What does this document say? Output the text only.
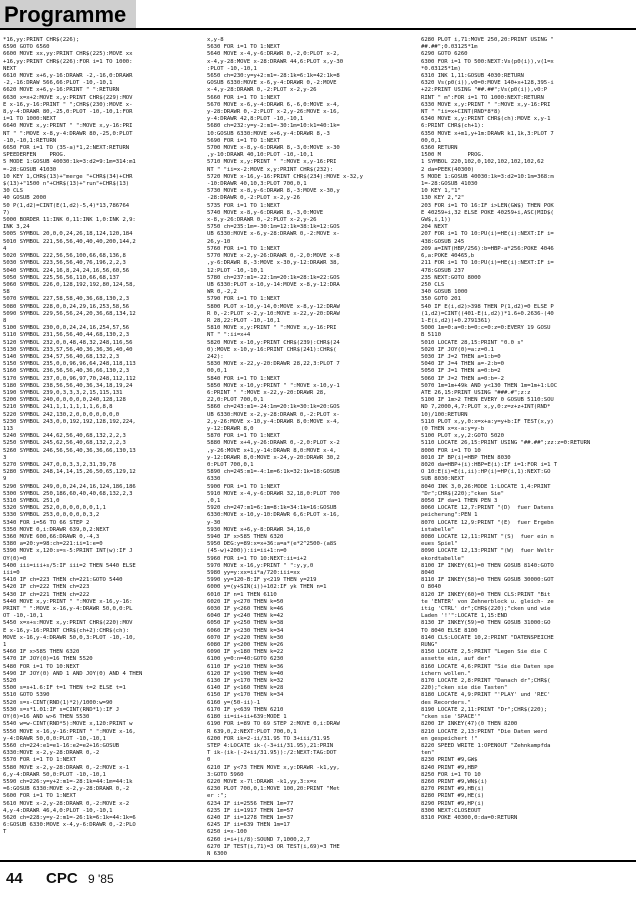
Programme
*16,yy:PRINT CHR$(226);
6590 GOTO 6560
6600 MOVE xx,yy:PRINT CHR$(225):MOVE xx
+16,yy:PRINT CHR$(226):FOR i=1 TO 1000:
NEXT
6610 MOVE x+6,y-16:DRAWR -2,-16,0:DRAWR
-2,-16:DRAW 566,66:PLOT -10,-10,1
6620 MOVE x+6,y-16:PRINT " ":RETURN
6630 x=x+2:MOVE x,y:PRINT CHR$(229):MOV
E x-16,y-16:PRINT " ";CHR$(230):MOVE x-
8,y-4:DRAWR 80,-25,0:PLOT -10,-10,1:FOR
i=1 TO 1000:NEXT
6640 MOVE x,y:PRINT " ":MOVE x,y-16:PRI
NT " ":MOVE x-8,y-4:DRAWR 80,-25,0:PLOT
-10,-10,1:RETURN
6650 FOR i=1 TO (35-a)*1,2:NEXT:RETURN
SPEEDERFEN    PROG.
5 MODE 1:GOSUB 40030:1k=3:d2=9:1m=314:m1
=-28:GOSUB 41030
10 KEY 1,CHR$(13)+"merge "+CHR$(34)+CHR
$(13)+"1500 n"+CHR$(13)+"run"+CHR$(13)
30 CLS
40 GOSUB 2000
50 P(1,d2)=CINT(E(1,d2)-5,4)*13,786764
7)
5000 BORDER 11:INK 0,11:INK 1,0:INK 2,9:
INK 3,24
5005 SYMBOL 20,0,0,24,26,18,124,120,184
5010 SYMBOL 221,56,56,40,40,40,200,144,2
4
5020 SYMBOL 222,56,56,100,66,68,136,8
5030 SYMBOL 223,56,56,40,76,196,2,2,3
5040 SYMBOL 224,16,8,24,24,16,56,60,56
5050 SYMBOL 225,56,56,110,66,68,137
5060 SYMBOL 226,0,128,192,192,80,124,58,
58
5070 SYMBOL 227,58,58,40,36,68,130,2,3
5080 SYMBOL 228,0,0,24,29,16,253,58,56
5090 SYMBOL 229,56,56,24,20,36,68,134,12
8
5100 SYMBOL 230,0,0,24,24,16,254,57,56
5110 SYMBOL 231,56,56,40,44,68,130,2,3
5120 SYMBOL 232,0,0,48,48,32,248,116,56
5130 SYMBOL 233,57,56,40,36,36,36,40,40
5140 SYMBOL 234,57,56,40,68,132,2,3
5150 SYMBOL 235,0,0,96,96,64,248,118,113
5160 SYMBOL 236,56,56,40,36,66,130,2,3
5170 SYMBOL 237,0,0,96,97,70,248,112,112
5180 SYMBOL 238,56,56,40,36,34,18,19,24
5190 SYMBOL 239,0,3,3,3,2,15,115,131
5200 SYMBOL 240,0,0,0,0,0,240,128,128
5210 SYMBOL 241,1,1,1,1,1,1,6,8,8
5220 SYMBOL 242,130,2,0,0,0,0,0,0,0
5230 SYMBOL 243,0,0,192,192,128,192,224,
113
5240 SYMBOL 244,62,56,40,68,132,2,2,3
5250 SYMBOL 245,62,56,40,68,132,2,2,3
5260 SYMBOL 246,56,56,40,36,36,66,130,13
3
5270 SYMBOL 247,0,0,3,3,2,31,39,78
5280 SYMBOL 248,14,14,15,26,50,65,129,12
9
5290 SYMBOL 249,0,0,24,24,16,124,186,186
5300 SYMBOL 250,186,60,40,40,68,132,2,3
5310 SYMBOL 251,0
5320 SYMBOL 252,0,0,0,0,0,0,1,1
5330 SYMBOL 253,0,0,0,0,0,3,2
5340 FOR i=56 TO 66 STEP 2
5350 MOVE 0,i:DRAWR 639,0,2:NEXT
5360 MOVE 600,66:DRAWR 0,-4,3
5380 a=20:y=98:ch=221:ii=1:e=0
5390 MOVE x,120:s=s-5:PRINT INT(w):IF J
OY(0)=0
5400 iii=iii+s/5:IF iii=2 THEN 5440 ELSE
iii=0
5410 IF ch=223 THEN ch=221:GOTO 5440
5420 IF ch=222 THEN ch=223
5430 IF ch=221 THEN ch=222
5440 MOVE x,y:PRINT " ":MOVE x-16,y-16:
PRINT " ":MOVE x-16,y-4:DRAWR 50,0,0:PL
OT -10,-10,1
5450 x=x+s:MOVE x,y:PRINT CHR$(220):MOV
E x-16,y-16:PRINT CHR$(ch+2):CHR$(ch):
MOVE x-16,y-4:DRAWR 50,0,3:PLOT -10,-10,
1
5460 IF x>585 THEN 6320
5470 IF JOY(0)=16 THEN 5520
5480 FOR i=1 TO 10:NEXT
5490 IF JOY(0) AND 1 AND JOY(0) AND 4 THEN
5520
5500 s=s+1.6:IF t=1 THEN t=2 ELSE t=1
5510 GOTO 5390
5520 s=s-CINT(RND(1)*2)/1000:w=90
5530 s=s*1.01:IF s=CINT(RND*1):IF J
OY(0)=16 AND w>6 THEN 5530
5540 w=w-CINT(RND*5):MOVE x,120:PRINT w
5550 MOVE x-16,y-16:PRINT " ":MOVE x-16,
y-4:DRAWR 50,0,0:PLOT -10,-10,1
5560 ch=224:e1=e1-16:e2=e2+16:GOSUB
6330:MOVE x-2,y-28:DRAWR 0,-2
5570 FOR i=1 TO 1:NEXT
5580 MOVE x-2,y-28:DRAWR 0,-2:MOVE x-1
6,y-4:DRAWR 50,0:PLOT -10,-10,1
5590 ch=226:y=y+2:m1=-28:1k=44:1m=44:1k
=6:GOSUB 6330:MOVE x-2,y-28:DRAWR 0,-2
5600 FOR i=1 TO 1:NEXT
5610 MOVE x-2,y-28:DRAWR 0,-2:MOVE x-2
4,y-4:DRAWR 46,4,0:PLOT -10,-10,1
5620 ch=228:y=y-2:m1=-26:1k=6:1k=44:1k=6
6:GOSUB 6330:MOVE x-4,y-6:DRAWR 0,-2:PLO
T
x,y-8
5630 FOR i=1 TO 1:NEXT
5640 MOVE x-4,y-6:DRAWR 0,-2,0:PLOT x-2,
x-4,y-28:MOVE x-28:DRAWR 44,6:PLOT x,y-30
:PLOT -10,-10,1
5650 ch=230:y=y+2:m1=-28:1k=6:1k=42:1k=8
GOSUB 6330:MOVE x-6,y-4:DRAWR 0,-2:MOVE
x-4,y-28:DRAWR 0,-2:PLOT x-2,y-26
5660 FOR i=1 TO 1:NEXT
5670 MOVE x-6,y-4:DRAWR 6,-6,0:MOVE x-4,
y-28:DRAWR 0,-2:PLOT x-2,y-26:MOVE x-16,
y-4:DRAWR 42,8:PLOT -10,-10,1
5680 ch=232:y=y-2:m1=-30:1m=10:k1=40:1k=
10:GOSUB 6330:MOVE x+6,y-4:DRAWR 8,-3
5690 FOR i=1 TO 1:NEXT
5700 MOVE x-8,y-6:DRAWR 8,-3,0:MOVE x-30
,y-10:DRAWR 40,10:PLOT -10,-10,1
5710 MOVE x,y:PRINT " ":MOVE x,y-16:PRI
NT " "ii=x-2:MOVE x,y:PRINT CHR$(232):
5720 MOVE x-16,y-16:PRINT CHR$(234):MOVE x-32,y
-10:DRAWR 40,10,3:PLOT 700,0,1
5730 MOVE x-8,y-6:DRAWR 8,-3:MOVE x-30,y
-28:DRAWR 0,-2:PLOT x-2,y-26
5735 FOR i=1 TO 1:NEXT
5740 MOVE x-8,y-6:DRAWR 8,-3,0:MOVE
x-8,y-26:DRAWR 0,-2:PLOT x-2,y-26
5750 ch=235:1m=-30:1m=12:1k=38:1k=12:GOS
UB 6330:MOVE x-6,y-28:DRAWR 0,-2:MOVE x-
26,y-10
5760 FOR i=1 TO 1:NEXT
5770 MOVE x-2,y-26:DRAWR 0,-2,0:MOVE x-8
,y-6:DRAWR 8,-3:MOVE x-30,y-12:DRAWR 38,
12:PLOT -10,-10,1
5780 ch=237:m1=-22:1m=20:1k=28:1k=22:GOS
UB 6330:PLOT x-10,y-14:MOVE x-8,y-12:DRA
WR 0,-2,2
5790 FOR i=1 TO 1:NEXT
5800 PLOT x-10,y-14,0:MOVE x-8,y-12:DRAW
R 0,-2:PLOT x-2,y-10:MOVE x-22,y-20:DRAW
R 28,22:PLOT -10,-10,1
5810 MOVE x,y:PRINT " ":MOVE x,y-16:PRI
NT " ":ii=x+4
5820 MOVE x-10,y:PRINT CHR$(239):CHR$(24
0):MOVE x-10,y-16:PRINT CHR$(241):CHR$(
242):
5830 MOVE x-22,y-20:DRAWR 28,22,3:PLOT 7
00,0,1
5840 FOR i=1 TO 1:NEXT
5850 MOVE x-10,y:PRINT " ":MOVE x-10,y-1
6:PRINT " ":MOVE x-22,y-20:DRAWR 28,
22,0:PLOT 700,0,1
5860 ch=243:m1=-24:1m=20:1k=30:1k=20:GOS
UB 6330:MOVE x-2,y-28:DRAWR 0,-2:PLOT x-
2,y-26:MOVE x-10,y-4:DRAWR 8,0:MOVE x-4,
y-12:DRAWR 8,0
5870 FOR i=1 TO 1:NEXT
5880 MOVE x+4,y-26:DRAWR 0,-2,0:PLOT x-2
,y-26:MOVE x+1,y-14:DRAWR 8,0:MOVE x-4,
y-12:DRAWR 8,0:MOVE x-24,y-20:DRAWR 30,2
0:PLOT 700,0,1
5890 ch=245:m1=-4:1m=6:1k=32:1k=18:GOSUB
6330
5900 FOR i=1 TO 1:NEXT
5910 MOVE x-4,y-6:DRAWR 32,18,0:PLOT 700
,0,1
5920 ch=247:m1=6:1m=8:1k=34:1k=16:GOSUB
6330:MOVE x-10,y-10:DRAWR 6,6:PLOT x-16,
y-30
5930 MOVE x+6,y-8:DRAWR 34,16,0
5940 IF x>585 THEN 6320
5950 DEG:y=89:x=x+36:a=a*(e*2^2500-(a8S
(45-w)+200)):ii=ii+1:n=0
5960 FOR i=1 TO 10:NEXT:ii=i+2
5970 MOVE x-16,y:PRINT " ":y,y,0
5980 yy=y:xx=ii*a/720:iii=xx
5990 yy=120-B:IF y<219 THEN y=219
6000 y=(y+SIN(i))+102:IF yk THEN n=1
6010 IF n=1 THEN 6110
6020 IF y<270 THEN k=50
6030 IF y<260 THEN k=46
6040 IF y<240 THEN k=42
6050 IF y<250 THEN k=38
6060 IF y<230 THEN k=34
6070 IF y<220 THEN k=30
6080 IF y<200 THEN k=26
6090 IF y<180 THEN k=22
6100 y=0:n=40:GOTO 6230
6110 IF y<210 THEN k=36
6120 IF y<190 THEN k=40
6130 IF y<170 THEN k=32
6140 IF y<160 THEN k=28
6150 IF y<170 THEN k=34
6160 y=(50-ii)-1
6170 IF y<639 THEN 6210
6180 ii=ii+ii+639:MODE 1
6190 FOR i=89 TO 69 STEP 2:MOVE 0,i:DRAW
R 639,0,2:NEXT:PLOT 700,0,1
6200 FOR ik=2-ii/31.95 TO 3+iii/31.95
STEP 4:LOCATE ik-(-3+ii/31.95),21:PRIN
T ik-(ik-(-2+ii/31.95)):/2:NEXT:TAG:DOT
0
6210 IF y<73 THEN MOVE x,y:DRAWR -k1,yy,
3:GOTO 5960
6220 MOVE x-7l:DRAWR -k1,yy,3:x=x
6230 PLOT 700,0,1:MOVE 100,20:PRINT "Met
er :";
6234 IF ii=2556 THEN 1m=77
6235 IF ii=1917 THEN 1m=57
6240 IF ii=1278 THEN 1m=37
6245 IF ii=639 THEN 1m=17
6250 i=x-100
6260 i=i+(i/8):SOUND 7,1000,2,7
6270 IF TEST(i,71)=3 OR TEST(i,69)=3 THE
N 6300
6280 PLOT i,71:MOVE 250,20:PRINT USING "
##.##";0.03125*1m
6290 GOTO 6260
6300 FOR i=1 TO 500:NEXT:Vs(p0(i)),v(1=x
*0.03125*1m)
6310 INK 1,11:GOSUB 4030:RETURN
6320 Vs(p0(i)),v0=0:MOVE 140+x+128,395-i
+22:PRINT USING "##.##";Vs(p0(i)),v0:P
RINT " m":FOR i=1 TO 1000:NEXT:RETURN
6330 MOVE x,y:PRINT " ":MOVE x,y-16:PRI
NT " "ii=x+CINT(RND*8*8)
6340 MOVE x,y:PRINT CHR$(ch):MOVE x,y-1
6:PRINT CHR$(ch+1):
6350 MOVE x+m1,y+1m:DRAWR k1,1k,3:PLOT 7
00,0,1
6360 RETURN
1500 M        PROG.
1 SYMBOL 220,102,0,102,102,102,102,62
2 da=PEEK(40300)
5 MODE 1:GOSUB 40030:1k=3:d2=10:1m=368:m
1=-28:GOSUB 41030
10 KEY 1,"1"
130 KEY 2,"2"
203 FOR i=1 TO 16:IF i>LEN(GW$) THEN POK
E 40259+i,32 ELSE POKE 40259+i,ASC(MID$(
GW$,i,1))
204 NEXT
207 FOR i=1 TO 10:PU(i)=HE(i):NEXT:IF i=
438:GOSUB 245
209 a=INT(HBP/256):b=HBP-a*256:POKE 4046
6,a:POKE 40465,b
211 FOR i=1 TO 10:PU(i)=HE(i):NEXT:IF i=
478:GOSUB 237
235 NEXT:GOTO 8000
250 CLS
340 GOSUB 1000
350 GOTO 201
540 IF E(i,d2)>398 THEN P(1,d2)=0 ELSE P
(1,d2)=CINT((401-E(i,d2))*1.6+0.2636-(40
1-E(i,d2))+0.2791361)
5000 1m=0:a=0:b=0:c=0:z=0:EVERY 19 GOSU
B 5110
5010 LOCATE 28,15:PRINT "0.0 s"
5020 IF JOY(0)=a:z=0.1
5030 IF J=2 THEN a=1:b=0
5040 IF J=4 THEN a=-2:b=0
5050 IF J=1 THEN a=0:b=2
5060 IF J=2 THEN a=0:b=-2
5070 1m=1m+49k AND y<130 THEN 1m=1m+1:LOC
ATE 26,15:PRINT USING "###.#";z:z
5100 IF 1m>2 THEN EVERY 0 GOSUB 5110:SOU
ND 7,2000,4,7:PLOT x,y,0:z=z+z+INT(RND*
10)/100:RETURN
5110 PLOT x,y,0:x=x+a:y=y+b:IF TEST(x,y)
(0 THEN x=x-a:y=y-b
5100 PLOT x,y,2:GOTO 5020
5110 LOCATE 26,15:PRINT USING "##.##";zz:z=0:RETURN
8000 FOR i=1 TO 10
8010 IF BP(i)=HBP THEN 8030
8020 da=HBP+(i):HBP=E(i):IF i=1:FOR i=1 T
O 10:E(i)=E(i,ii):HP(i)=HP(i,1):NEXT:GO
SUB 8030:NEXT
8040 INK 3,0,26:MODE 1:LOCATE 1,4:PRINT
"Dr";CHR$(220);"cken Sie"
8050 IF da=1 THEN PEN 3
8060 LOCATE 12,7:PRINT "(D)  fuer Datens
peicherung":PEN 1
8070 LOCATE 12,9:PRINT "(E)  fuer Ergebn
istabelle"
8080 LOCATE 12,11:PRINT "(S)  fuer ein n
eues Spiel"
8090 LOCATE 12,13:PRINT "(W)  fuer Weltr
ekordtabelle"
8100 IF INKEY(61)=0 THEN GOSUB 8140:GOTO
8040
8110 IF INKEY(58)=0 THEN GOSUB 30000:GOT
O 8040
8120 IF INKEY(60)=0 THEN CLS:PRINT "Bit
te 'ENTER' von Zehnerblock u. gleich- ze
itig 'CTRL' dr";CHR$(220);"cken und wie
Laden '!'":LOCATE 1,15:END
8130 IF INKEY(59)=0 THEN GOSUB 31000:GO
TO 8040 ELSE 8100
8140 CLS:LOCATE 10,2:PRINT "DATENSPEICHE
RUNG"
8150 LOCATE 2,5:PRINT "Legen Sie die C
assette ein, auf der"
8160 LOCATE 4,6:PRINT "Sie die Daten spe
ichern wollen."
8170 LOCATE 2,8:PRINT "Danach dr";CHR$(
220);"cken sie die Tasten"
8180 LOCATE 4,9:PRINT "'PLAY' und 'REC'
des Recorders."
8190 LOCATE 2,11:PRINT "Dr";CHR$(220);
"cken sie 'SPACE'"
8200 IF INKEY(47)(0 THEN 8200
8210 LOCATE 2,13:PRINT "Die Daten werd
en gespeichert !"
8220 SPEED WRITE 1:OPENOUT "Zehnkampfda
ten"
8230 PRINT #9,GW$
8240 PRINT #9,HBP
8250 FOR i=1 TO 10
8260 PRINT #9,WN$(i)
8270 PRINT #9,HB(i)
8280 PRINT #9,HE(i)
8290 PRINT #9,HP(i)
8300 NEXT:CLOSEOUT
8310 POKE 40300,0:da=0:RETURN
44 CPC 9 '85
